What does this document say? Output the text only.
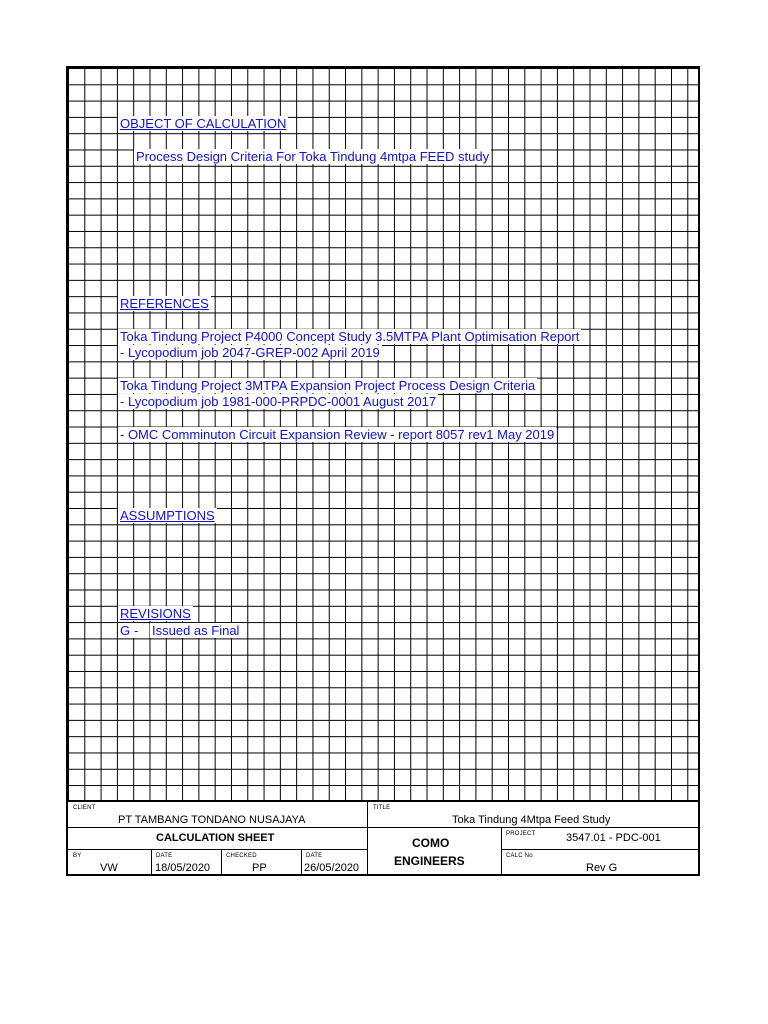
OBJECT OF CALCULATION
Process Design Criteria For Toka Tindung 4mtpa FEED study
REFERENCES
Toka Tindung Project P4000 Concept Study 3.5MTPA Plant Optimisation Report
- Lycopodium job 2047-GREP-002 April 2019
Toka Tindung Project 3MTPA Expansion Project Process Design Criteria
- Lycopodium job 1981-000-PRPDC-0001 August 2017
- OMC Comminuton Circuit Expansion Review - report 8057 rev1 May 2019
ASSUMPTIONS
REVISIONS
G - Issued as Final
CLIENT
PT TAMBANG TONDANO NUSAJAYA
TITLE
Toka Tindung 4Mtpa Feed Study
CALCULATION SHEET	COMO
ENGINEERS
PROJECT	3547.01 - PDC-001
BY
VW
DATE
18/05/2020
CHECKED
PP
DATE
26/05/2020
CALC No
Rev G
